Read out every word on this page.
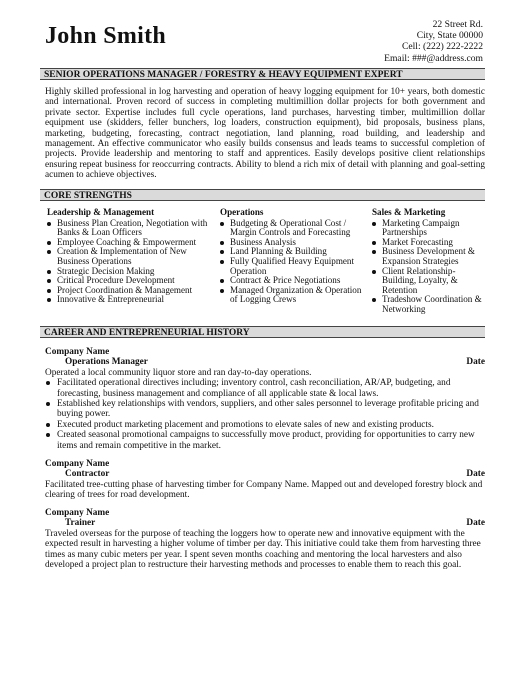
John Smith	22 Street Rd.
City, State 00000
Cell: (222) 222-2222
Email: ###@address.com
SENIOR OPERATIONS MANAGER / FORESTRY & HEAVY EQUIPMENT EXPERT
Highly skilled professional in log harvesting and operation of heavy logging equipment for 10+ years, both domestic and international. Proven record of success in completing multimillion dollar projects for both government and private sector. Expertise includes full cycle operations, land purchases, harvesting timber, multimillion dollar equipment use (skidders, feller bunchers, log loaders, construction equipment), bid proposals, business plans, marketing, budgeting, forecasting, contract negotiation, land planning, road building, and leadership and management. An effective communicator who easily builds consensus and leads teams to successful completion of projects. Provide leadership and mentoring to staff and apprentices. Easily develops positive client relationships ensuring repeat business for reoccurring contracts. Ability to blend a rich mix of detail with planning and goal-setting acumen to achieve objectives.
CORE STRENGTHS
Leadership & Management
Business Plan Creation, Negotiation with Banks & Loan Officers
Employee Coaching & Empowerment
Creation & Implementation of New Business Operations
Strategic Decision Making
Critical Procedure Development
Project Coordination & Management
Innovative & Entrepreneurial
Operations
Budgeting & Operational Cost / Margin Controls and Forecasting
Business Analysis
Land Planning & Building
Fully Qualified Heavy Equipment Operation
Contract & Price Negotiations
Managed Organization & Operation of Logging Crews
Sales & Marketing
Marketing Campaign Partnerships
Market Forecasting
Business Development & Expansion Strategies
Client Relationship-Building, Loyalty, & Retention
Tradeshow Coordination & Networking
CAREER AND ENTREPRENEURIAL HISTORY
Company Name
Operations Manager	Date

Operated a local community liquor store and ran day-to-day operations.

Facilitated operational directives including; inventory control, cash reconciliation, AR/AP, budgeting, and forecasting, business management and compliance of all applicable state & local laws.
Established key relationships with vendors, suppliers, and other sales personnel to leverage profitable pricing and buying power.
Executed product marketing placement and promotions to elevate sales of new and existing products.
Created seasonal promotional campaigns to successfully move product, providing for opportunities to carry new items and remain competitive in the market.
Company Name
Contractor	Date

Facilitated tree-cutting phase of harvesting timber for Company Name. Mapped out and developed forestry block and clearing of trees for road development.

Company Name
Trainer	Date

Traveled overseas for the purpose of teaching the loggers how to operate new and innovative equipment with the expected result in harvesting a higher volume of timber per day. This initiative could take them from harvesting three times as many cubic meters per year. I spent seven months coaching and mentoring the local harvesters and also developed a project plan to restructure their harvesting methods and processes to enable them to reach this goal.
